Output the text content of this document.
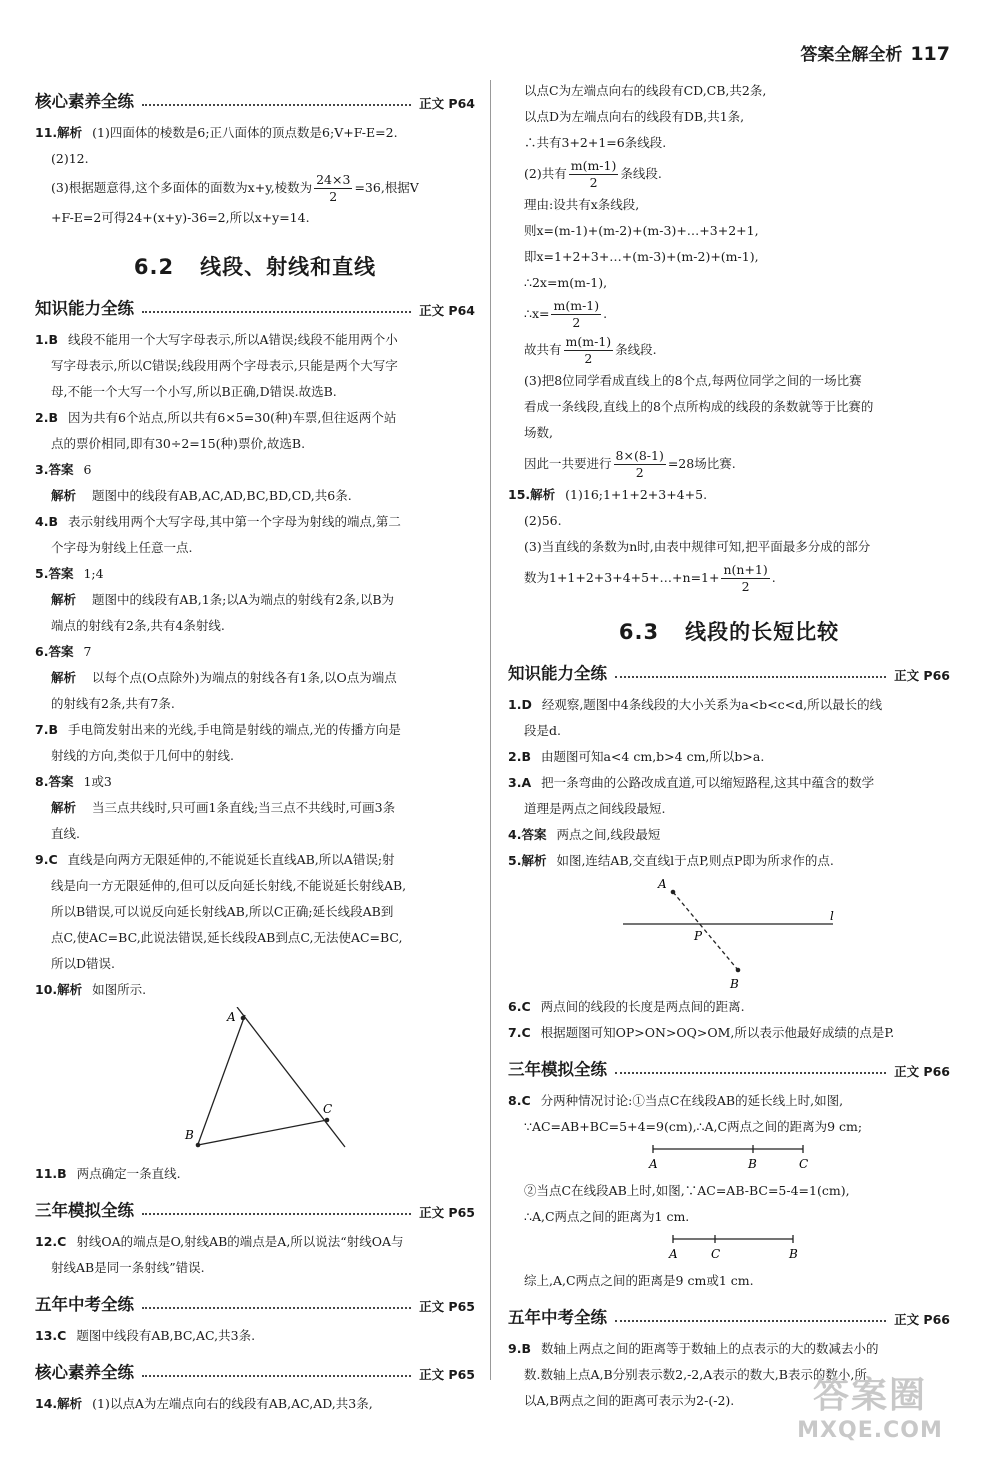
答案全解全析 117
核心素养全练	正文 P64

11.解析 (1)四面体的棱数是6;正八面体的顶点数是6;V+F-E=2.

(2)12.

(3)根据题意得,这个多面体的面数为x+y,棱数为 $\frac{24\times 3}{2} =36$,根据V

+F-E=2可得24+(x+y)-36=2,所以x+y=14.

6.2 线段、射线和直线
知识能力全练	正文 P64

1.B 线段不能用一个大写字母表示,所以A错误;线段不能用两个小

写字母表示,所以C错误;线段用两个字母表示,只能是两个大写字

母,不能一个大写一个小写,所以B正确,D错误.故选B.

2.B 因为共有6个站点,所以共有6×5=30(种)车票,但往返两个站

点的票价相同,即有30÷2=15(种)票价,故选B.

3.答案 6

解析 题图中的线段有AB,AC,AD,BC,BD,CD,共6条.

4.B 表示射线用两个大写字母,其中第一个字母为射线的端点,第二

个字母为射线上任意一点.

5.答案 1;4

解析 题图中的线段有AB,1条;以A为端点的射线有2条,以B为

端点的射线有2条,共有4条射线.

6.答案 7

解析 以每个点(O点除外)为端点的射线各有1条,以O点为端点

的射线有2条,共有7条.

7.B 手电筒发射出来的光线,手电筒是射线的端点,光的传播方向是

射线的方向,类似于几何中的射线.

8.答案 1或3

解析 当三点共线时,只可画1条直线;当三点不共线时,可画3条

直线.

9.C 直线是向两方无限延伸的,不能说延长直线AB,所以A错误;射

线是向一方无限延伸的,但可以反向延长射线,不能说延长射线AB,

所以B错误,可以说反向延长射线AB,所以C正确;延长线段AB到

点C,使AC=BC,此说法错误,延长线段AB到点C,无法使AC=BC,

所以D错误.

10.解析 如图所示.

A
B
C

11.B 两点确定一条直线.

三年模拟全练	正文 P65

12.C 射线OA的端点是O,射线AB的端点是A,所以说法“射线OA与

射线AB是同一条射线”错误.

五年中考全练	正文 P65

13.C 题图中线段有AB,BC,AC,共3条.

核心素养全练	正文 P65

14.解析 (1)以点A为左端点向右的线段有AB,AC,AD,共3条,

以点C为左端点向右的线段有CD,CB,共2条,

以点D为左端点向右的线段有DB,共1条,

∴共有3+2+1=6条线段.

(2)共有 $\frac{m(m-1)}{2}$ 条线段.

理由:设共有x条线段,

则x=(m-1)+(m-2)+(m-3)+…+3+2+1,

即x=1+2+3+…+(m-3)+(m-2)+(m-1),

∴2x=m(m-1),

∴x= $\frac{m(m-1)}{2}$ .

故共有 $\frac{m(m-1)}{2}$ 条线段.

(3)把8位同学看成直线上的8个点,每两位同学之间的一场比赛

看成一条线段,直线上的8个点所构成的线段的条数就等于比赛的

场数,

因此一共要进行 $\frac{8\times(8-1)}{2} =28$场比赛.

15.解析 (1)16;1+1+2+3+4+5.

(2)56.

(3)当直线的条数为n时,由表中规律可知,把平面最多分成的部分

数为1+1+2+3+4+5+…+n=1+ $\frac{n(n+1)}{2}$ .

6.3 线段的长短比较
知识能力全练	正文 P66

1.D 经观察,题图中4条线段的大小关系为a<b<c<d,所以最长的线

段是d.

2.B 由题图可知a<4 cm,b>4 cm,所以b>a.

3.A 把一条弯曲的公路改成直道,可以缩短路程,这其中蕴含的数学

道理是两点之间线段最短.

4.答案 两点之间,线段最短

5.解析 如图,连结AB,交直线l于点P,则点P即为所求作的点.

A
B
P
l

6.C 两点间的线段的长度是两点间的距离.

7.C 根据题图可知OP>ON>OQ>OM,所以表示他最好成绩的点是P.

三年模拟全练	正文 P66

8.C 分两种情况讨论:①当点C在线段AB的延长线上时,如图,

∵AC=AB+BC=5+4=9(cm),∴A,C两点之间的距离为9 cm;

A	B	C

②当点C在线段AB上时,如图,∵AC=AB-BC=5-4=1(cm),

∴A,C两点之间的距离为1 cm.

A	C	B

综上,A,C两点之间的距离是9 cm或1 cm.

五年中考全练	正文 P66

9.B 数轴上两点之间的距离等于数轴上的点表示的大的数减去小的

数.数轴上点A,B分别表示数2,-2,A表示的数大,B表示的数小,所

以A,B两点之间的距离可表示为2-(-2).	答案圈
MXQE.COM
